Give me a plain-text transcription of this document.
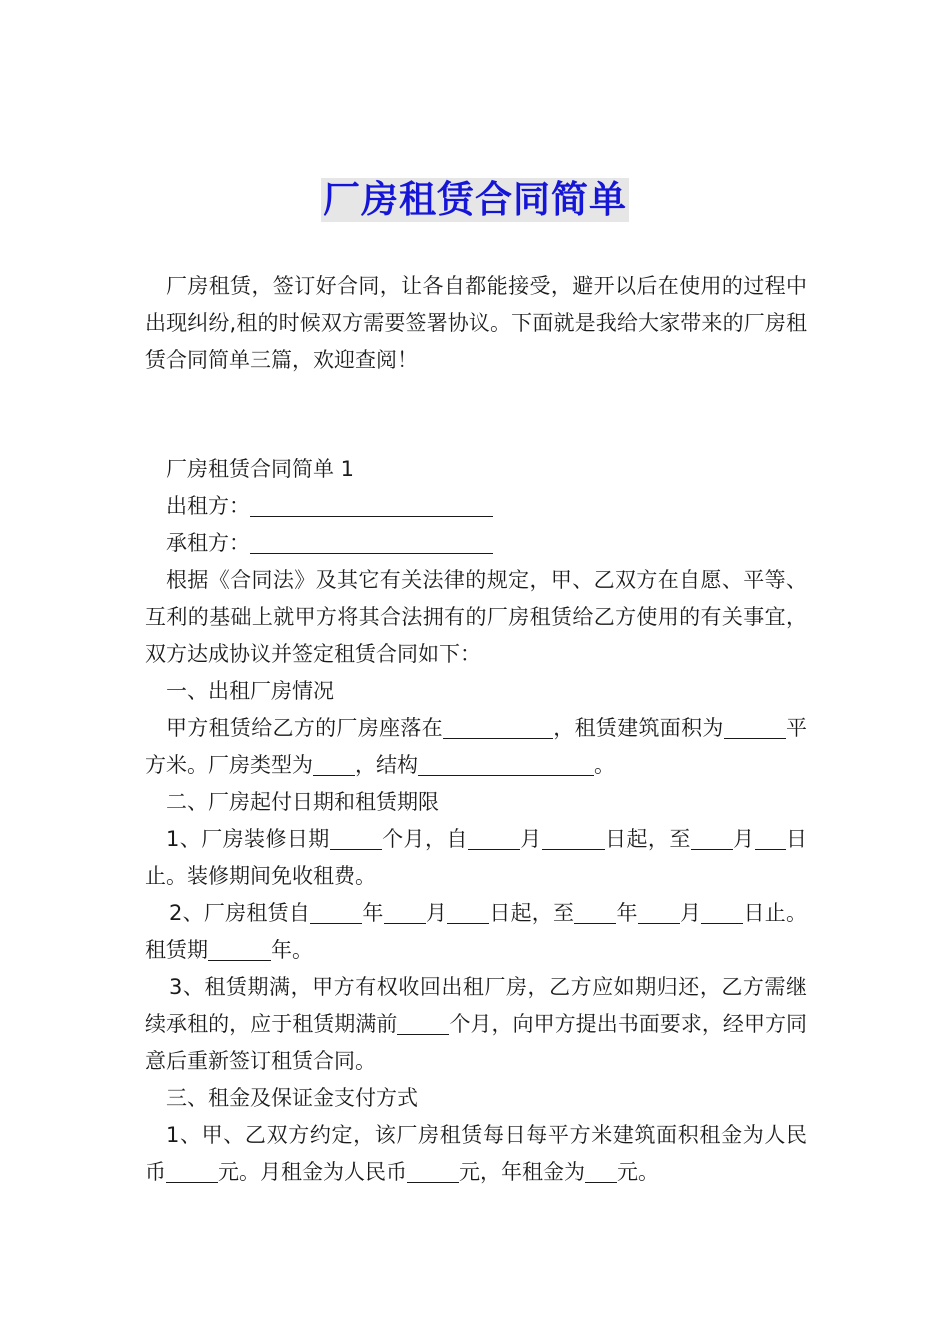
厂房租赁合同简单
厂房租赁，签订好合同，让各自都能接受，避开以后在使用的过程中出现纠纷,租的时候双方需要签署协议。下面就是我给大家带来的厂房租赁合同简单三篇，欢迎查阅！

厂房租赁合同简单 1

出租方：

承租方：

根据《合同法》及其它有关法律的规定，甲、乙双方在自愿、平等、互利的基础上就甲方将其合法拥有的厂房租赁给乙方使用的有关事宜，双方达成协议并签定租赁合同如下：

一、出租厂房情况

甲方租赁给乙方的厂房座落在	，租赁建筑面积为	平方米。厂房类型为 ，结构	。

二、厂房起付日期和租赁期限

1、厂房装修日期 个月，自 月	日起，至 月 日止。装修期间免收租费。

2、厂房租赁自 年 月 日起，至 年 月 日止。租赁期	年。

3、租赁期满，甲方有权收回出租厂房，乙方应如期归还，乙方需继续承租的，应于租赁期满前 个月，向甲方提出书面要求，经甲方同意后重新签订租赁合同。

三、租金及保证金支付方式

1、甲、乙双方约定，该厂房租赁每日每平方米建筑面积租金为人民币 元。月租金为人民币 元，年租金为 元。
